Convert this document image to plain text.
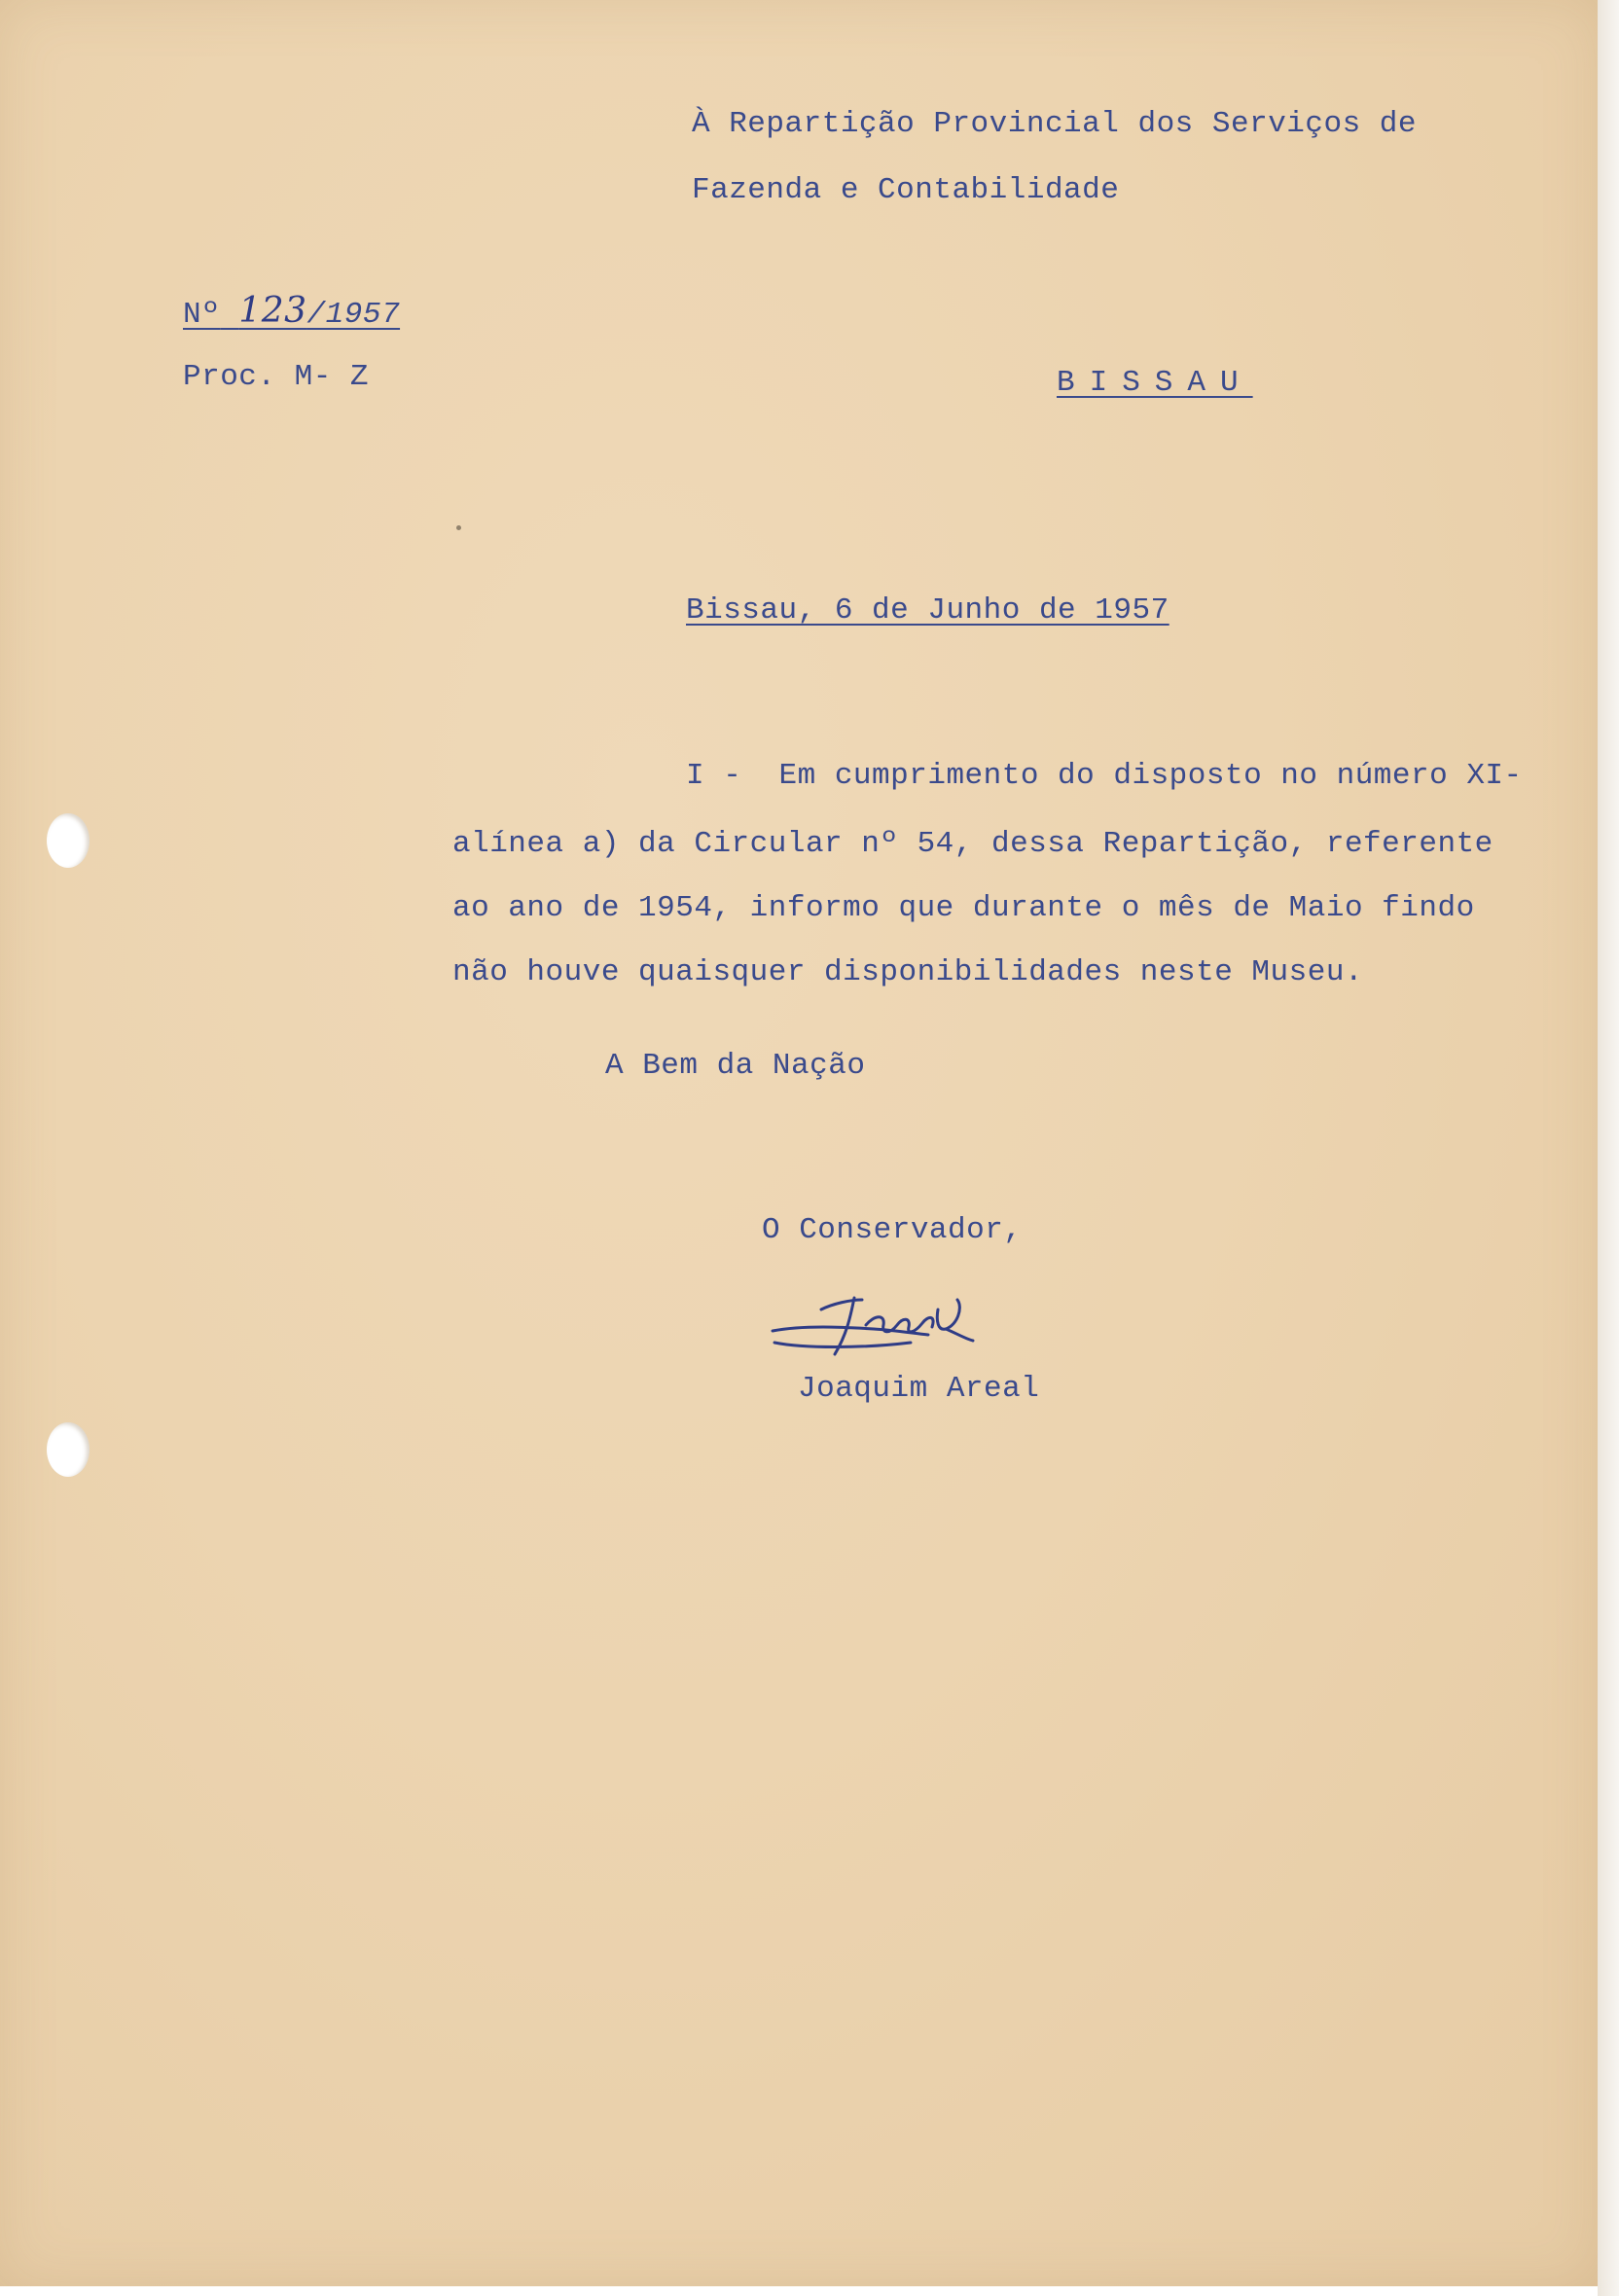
À Repartição Provincial dos Serviços de
Fazenda e Contabilidade
Nº 123/1957
Proc. M- Z	BISSAU
Bissau, 6 de Junho de 1957
I -  Em cumprimento do disposto no número XI-
alínea a) da Circular nº 54, dessa Repartição, referente
ao ano de 1954, informo que durante o mês de Maio findo
não houve quaisquer disponibilidades neste Museu.
A Bem da Nação
O Conservador,
Joaquim Areal
